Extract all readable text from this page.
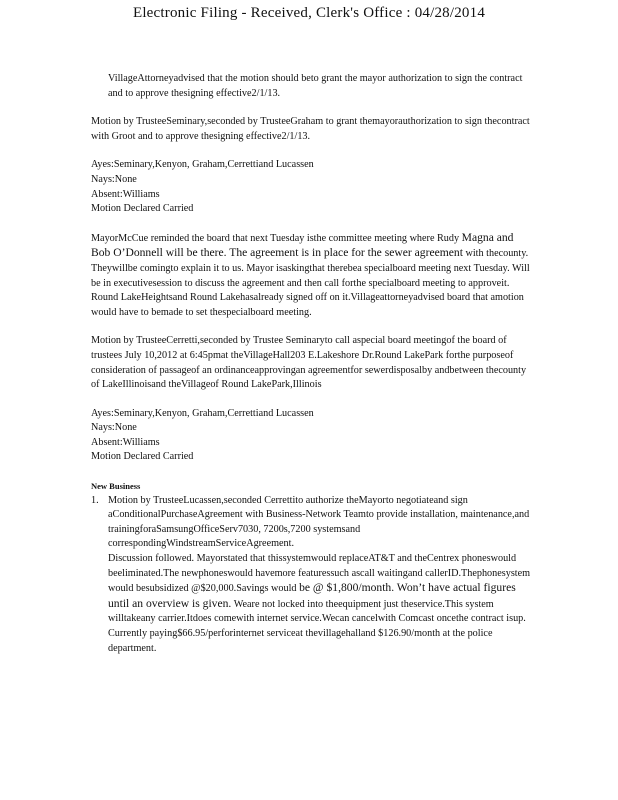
Electronic Filing - Received, Clerk's Office : 04/28/2014

VillageAttorneyadvised that the motion should beto grant the mayor authorization to sign the contract and to approve thesigning effective2/1/13.

Motion by TrusteeSeminary,seconded by TrusteeGraham to grant themayorauthorization to sign thecontract with Groot and to approve thesigning effective2/1/13.

Ayes:Seminary,Kenyon, Graham,Cerrettiand Lucassen
Nays:None
Absent:Williams
Motion Declared Carried
MayorMcCue reminded the board that next Tuesday isthe committee meeting where Rudy Magna and Bob O’Donnell will be there. The agreement is in place for the sewer agreement with thecounty. Theywillbe comingto explain it to us. Mayor isaskingthat therebea specialboard meeting next Tuesday. Will be in executivesession to discuss the agreement and then call forthe specialboard meeting to approveit. Round LakeHeightsand Round Lakehasalready signed off on it.Villageattorneyadvised board that amotion would have to bemade to set thespecialboard meeting.

Motion by TrusteeCerretti,seconded by Trustee Seminaryto call aspecial board meetingof the board of trustees July 10,2012 at 6:45pmat theVillageHall203 E.Lakeshore Dr.Round LakePark forthe purposeof consideration of passageof an ordinanceapprovingan agreementfor sewerdisposalby andbetween thecounty of LakeIllinoisand theVillageof Round LakePark,Illinois

Ayes:Seminary,Kenyon, Graham,Cerrettiand Lucassen
Nays:None
Absent:Williams
Motion Declared Carried
New Business
1. Motion by TrusteeLucassen,seconded Cerrettito authorize theMayorto negotiateand sign aConditionalPurchaseAgreement with Business-Network Teamto provide installation, maintenance,and trainingforaSamsungOfficeServ7030, 7200s,7200 systemsand correspondingWindstreamServiceAgreement.
Discussion followed. Mayorstated that thissystemwould replaceAT&T and theCentrex phoneswould beeliminated.The newphoneswould havemore featuressuch ascall waitingand callerID.Thephonesystem would besubsidized @$20,000.Savings would be @ $1,800/month. Won’t have actual figures until an overview is given. Weare not locked into theequipment just theservice.This system willtakeany carrier.Itdoes comewith internet service.Wecan cancelwith Comcast oncethe contract isup. Currently paying$66.95/perforinternet serviceat thevillagehalland $126.90/month at the police department.
